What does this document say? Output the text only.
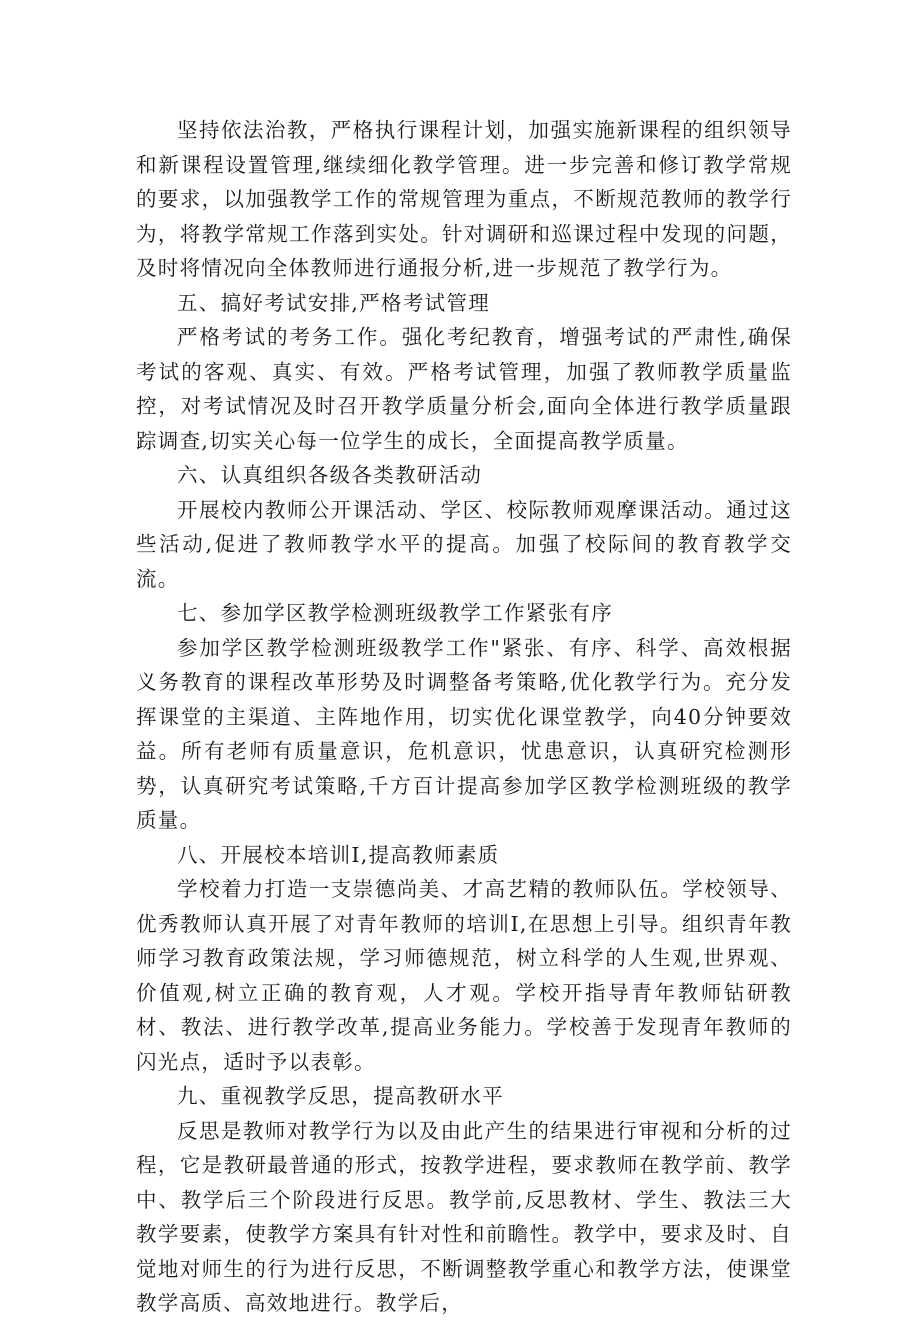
坚持依法治教，严格执行课程计划，加强实施新课程的组织领导和新课程设置管理,继续细化教学管理。进一步完善和修订教学常规的要求，以加强教学工作的常规管理为重点，不断规范教师的教学行为，将教学常规工作落到实处。针对调研和巡课过程中发现的问题，及时将情况向全体教师进行通报分析,进一步规范了教学行为。

五、搞好考试安排,严格考试管理

严格考试的考务工作。强化考纪教育，增强考试的严肃性,确保考试的客观、真实、有效。严格考试管理，加强了教师教学质量监控，对考试情况及时召开教学质量分析会,面向全体进行教学质量跟踪调查,切实关心每一位学生的成长，全面提高教学质量。

六、认真组织各级各类教研活动

开展校内教师公开课活动、学区、校际教师观摩课活动。通过这些活动,促进了教师教学水平的提高。加强了校际间的教育教学交流。

七、参加学区教学检测班级教学工作紧张有序

参加学区教学检测班级教学工作"紧张、有序、科学、高效根据义务教育的课程改革形势及时调整备考策略,优化教学行为。充分发挥课堂的主渠道、主阵地作用，切实优化课堂教学，向40分钟要效益。所有老师有质量意识，危机意识，忧患意识，认真研究检测形势，认真研究考试策略,千方百计提高参加学区教学检测班级的教学质量。

八、开展校本培训I,提高教师素质

学校着力打造一支崇德尚美、才高艺精的教师队伍。学校领导、优秀教师认真开展了对青年教师的培训I,在思想上引导。组织青年教师学习教育政策法规，学习师德规范，树立科学的人生观,世界观、价值观,树立正确的教育观，人才观。学校开指导青年教师钻研教材、教法、进行教学改革,提高业务能力。学校善于发现青年教师的闪光点，适时予以表彰。

九、重视教学反思，提高教研水平

反思是教师对教学行为以及由此产生的结果进行审视和分析的过程，它是教研最普通的形式，按教学进程，要求教师在教学前、教学中、教学后三个阶段进行反思。教学前,反思教材、学生、教法三大教学要素，使教学方案具有针对性和前瞻性。教学中，要求及时、自觉地对师生的行为进行反思，不断调整教学重心和教学方法，使课堂教学高质、高效地进行。教学后，
